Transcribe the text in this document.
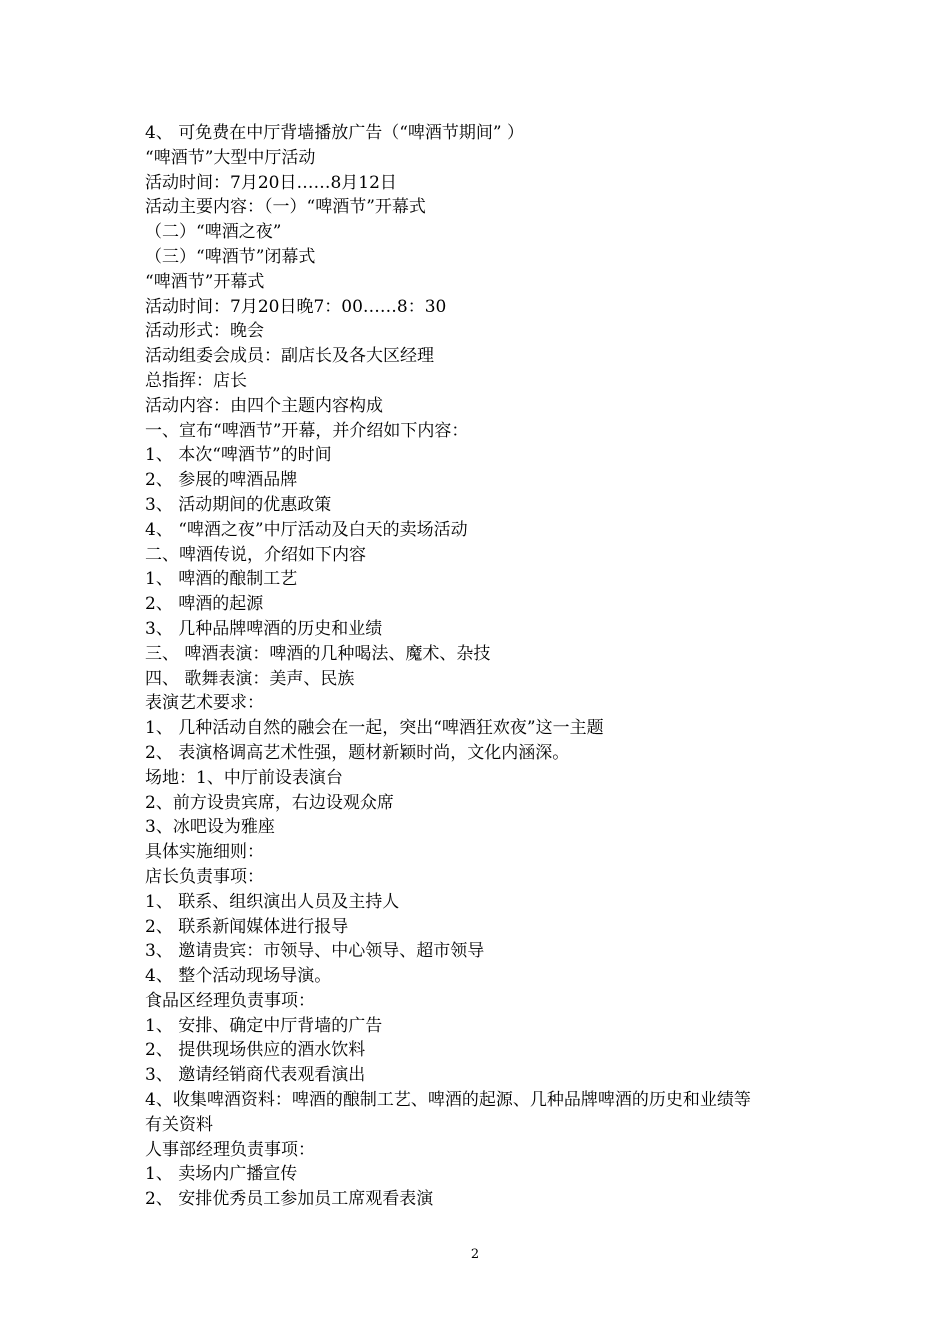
4、 可免费在中厅背墙播放广告（“啤酒节期间” ）
“啤酒节”大型中厅活动
活动时间：7月20日……8月12日
活动主要内容：（一）“啤酒节”开幕式
（二）“啤酒之夜”
（三）“啤酒节”闭幕式
“啤酒节”开幕式
活动时间：7月20日晚7：00……8：30
活动形式：晚会
活动组委会成员：副店长及各大区经理
总指挥：店长
活动内容：由四个主题内容构成
一、宣布“啤酒节”开幕，并介绍如下内容：
1、 本次“啤酒节”的时间
2、 参展的啤酒品牌
3、 活动期间的优惠政策
4、 “啤酒之夜”中厅活动及白天的卖场活动
二、啤酒传说，介绍如下内容
1、 啤酒的酿制工艺
2、 啤酒的起源
3、 几种品牌啤酒的历史和业绩
三、 啤酒表演：啤酒的几种喝法、魔术、杂技
四、 歌舞表演：美声、民族
表演艺术要求：
1、 几种活动自然的融会在一起，突出“啤酒狂欢夜”这一主题
2、 表演格调高艺术性强，题材新颖时尚，文化内涵深。
场地：1、中厅前设表演台
2、前方设贵宾席，右边设观众席
3、冰吧设为雅座
具体实施细则：
店长负责事项：
1、 联系、组织演出人员及主持人
2、 联系新闻媒体进行报导
3、 邀请贵宾：市领导、中心领导、超市领导
4、 整个活动现场导演。
食品区经理负责事项：
1、 安排、确定中厅背墙的广告
2、 提供现场供应的酒水饮料
3、 邀请经销商代表观看演出
4、收集啤酒资料：啤酒的酿制工艺、啤酒的起源、几种品牌啤酒的历史和业绩等
有关资料
人事部经理负责事项：
1、 卖场内广播宣传
2、 安排优秀员工参加员工席观看表演
2
